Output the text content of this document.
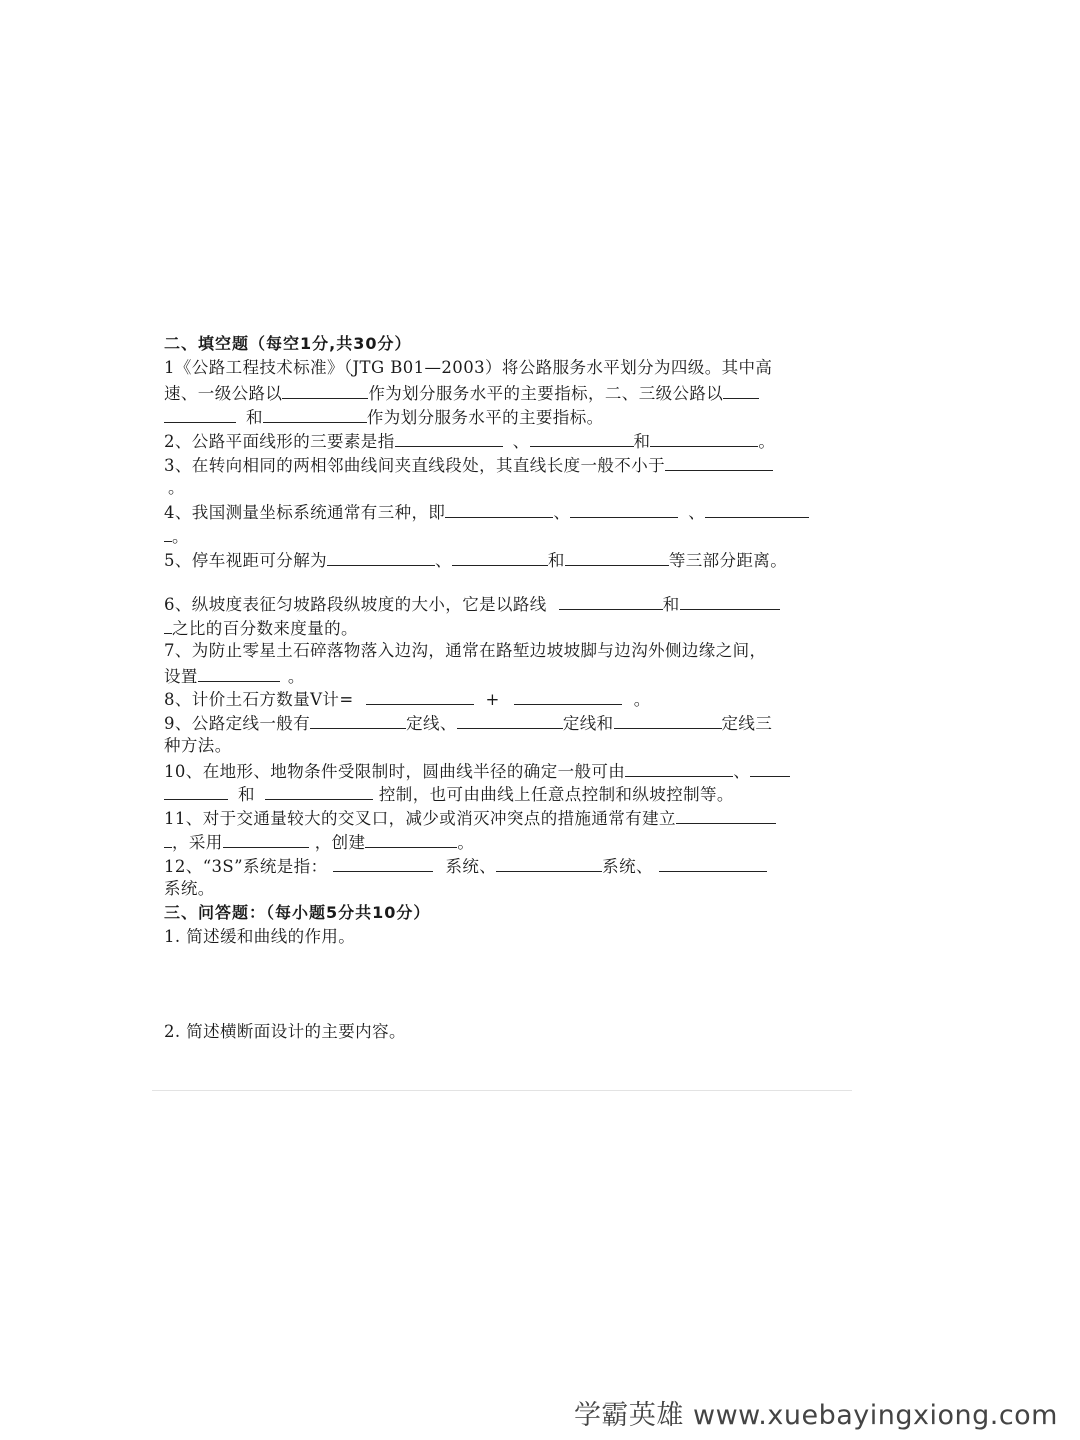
二、填空题（每空1分,共30分）
1《公路工程技术标准》（JTG B01—2003）将公路服务水平划分为四级。其中高
速、一级公路以	作为划分服务水平的主要指标，二、三级公路以
和	作为划分服务水平的主要指标。
2、公路平面线形的三要素是指	、	和	。
3、在转向相同的两相邻曲线间夹直线段处，其直线长度一般不小于
。
4、我国测量坐标系统通常有三种，即	、	、
。
5、停车视距可分解为	、	和	等三部分距离。
6、纵坡度表征匀坡路段纵坡度的大小，它是以路线	和
之比的百分数来度量的。
7、为防止零星土石碎落物落入边沟，通常在路堑边坡坡脚与边沟外侧边缘之间，
设置	。
8、计价土石方数量V计=	+	。
9、公路定线一般有	定线、	定线和	定线三
种方法。
10、在地形、地物条件受限制时，圆曲线半径的确定一般可由	、
和	控制，也可由曲线上任意点控制和纵坡控制等。
11、对于交通量较大的交叉口，减少或消灭冲突点的措施通常有建立
，采用	，创建	。
12、“3S”系统是指：	系统、	系统、
系统。
三、问答题：（每小题5分共10分）
1. 简述缓和曲线的作用。
2. 简述横断面设计的主要内容。
学霸英雄 www.xuebayingxiong.com
